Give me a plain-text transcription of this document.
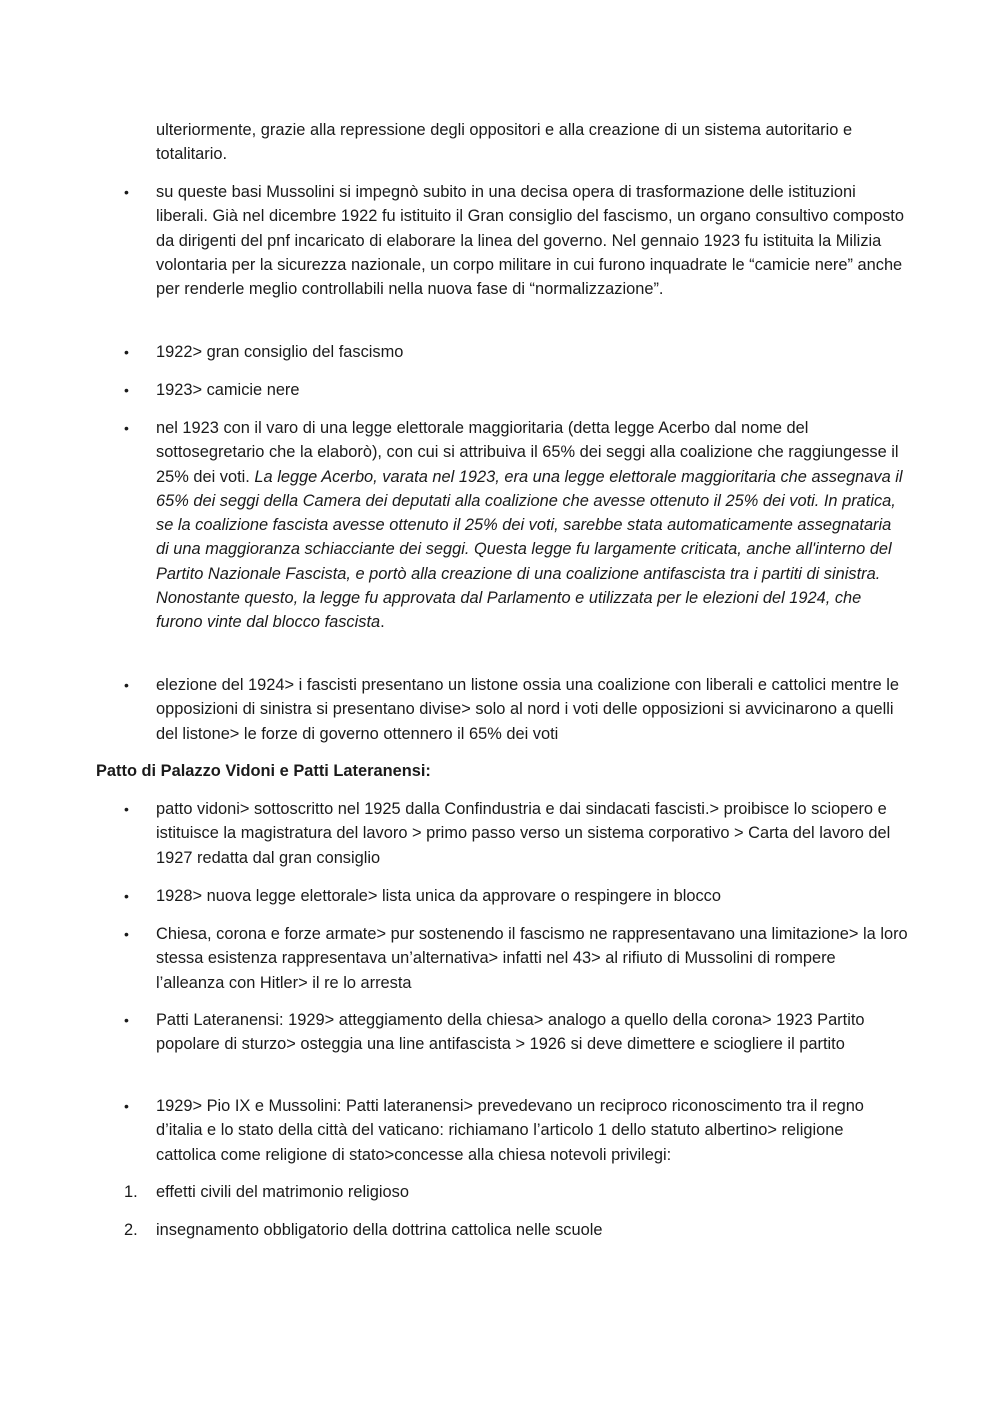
ulteriormente, grazie alla repressione degli oppositori e alla creazione di un sistema autoritario e totalitario.

• su queste basi Mussolini si impegnò subito in una decisa opera di trasformazione delle istituzioni liberali. Già nel dicembre 1922 fu istituito il Gran consiglio del fascismo, un organo consultivo composto da dirigenti del pnf incaricato di elaborare la linea del governo. Nel gennaio 1923 fu istituita la Milizia volontaria per la sicurezza nazionale, un corpo militare in cui furono inquadrate le “camicie nere” anche per renderle meglio controllabili nella nuova fase di “normalizzazione”.

• 1922> gran consiglio del fascismo

• 1923> camicie nere

• nel 1923 con il varo di una legge elettorale maggioritaria (detta legge Acerbo dal nome del sottosegretario che la elaborò), con cui si attribuiva il 65% dei seggi alla coalizione che raggiungesse il 25% dei voti. La legge Acerbo, varata nel 1923, era una legge elettorale maggioritaria che assegnava il 65% dei seggi della Camera dei deputati alla coalizione che avesse ottenuto il 25% dei voti. In pratica, se la coalizione fascista avesse ottenuto il 25% dei voti, sarebbe stata automaticamente assegnataria di una maggioranza schiacciante dei seggi. Questa legge fu largamente criticata, anche all'interno del Partito Nazionale Fascista, e portò alla creazione di una coalizione antifascista tra i partiti di sinistra. Nonostante questo, la legge fu approvata dal Parlamento e utilizzata per le elezioni del 1924, che furono vinte dal blocco fascista.

• elezione del 1924> i fascisti presentano un listone ossia una coalizione con liberali e cattolici mentre le opposizioni di sinistra si presentano divise> solo al nord i voti delle opposizioni si avvicinarono a quelli del listone> le forze di governo ottennero il 65% dei voti

Patto di Palazzo Vidoni e Patti Lateranensi:

• patto vidoni> sottoscritto nel 1925 dalla Confindustria e dai sindacati fascisti.> proibisce lo sciopero e istituisce la magistratura del lavoro > primo passo verso un sistema corporativo > Carta del lavoro del 1927 redatta dal gran consiglio

• 1928> nuova legge elettorale> lista unica da approvare o respingere in blocco

• Chiesa, corona e forze armate> pur sostenendo il fascismo ne rappresentavano una limitazione> la loro stessa esistenza rappresentava un’alternativa> infatti nel 43> al rifiuto di Mussolini di rompere l’alleanza con Hitler> il re lo arresta

• Patti Lateranensi: 1929> atteggiamento della chiesa> analogo a quello della corona> 1923 Partito popolare di sturzo> osteggia una line antifascista > 1926 si deve dimettere e sciogliere il partito

• 1929> Pio IX e Mussolini: Patti lateranensi> prevedevano un reciproco riconoscimento tra il regno d’italia e lo stato della città del vaticano: richiamano l’articolo 1 dello statuto albertino> religione cattolica come religione di stato>concesse alla chiesa notevoli privilegi:

1. effetti civili del matrimonio religioso

2. insegnamento obbligatorio della dottrina cattolica nelle scuole
